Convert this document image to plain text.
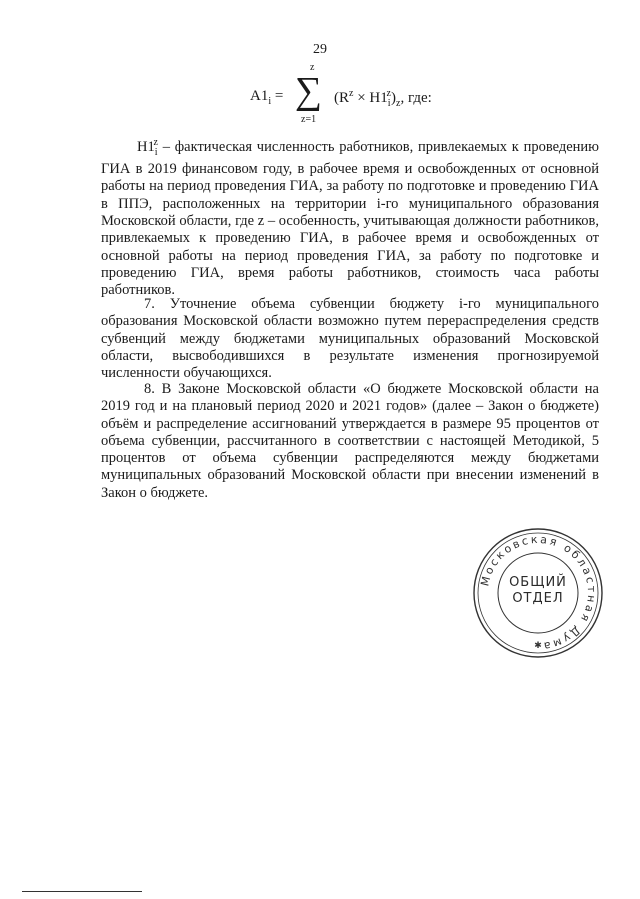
29
$A1_i$ = ∑
z
z=1
$(R^z \times H1_i^z)_z$, где:

$H1_i^z$ – фактическая численность работников, привлекаемых к проведению ГИА в 2019 финансовом году, в рабочее время и освобожденных от основной работы на период проведения ГИА, за работу по подготовке и проведению ГИА в ППЭ, расположенных на территории i-го муниципального образования Московской области, где z – особенность, учитывающая должности работников, привлекаемых к проведению ГИА, в рабочее время и освобожденных от основной работы на период проведения ГИА, за работу по подготовке и проведению ГИА, время работы работников, стоимость часа работы работников.

7. Уточнение объема субвенции бюджету i-го муниципального образования Московской области возможно путем перераспределения средств субвенций между бюджетами муниципальных образований Московской области, высвободившихся в результате изменения прогнозируемой численности обучающихся.

8. В Законе Московской области «О бюджете Московской области на 2019 год и на плановый период 2020 и 2021 годов» (далее – Закон о бюджете) объём и распределение ассигнований утверждается в размере 95 процентов от объема субвенции, рассчитанного в соответствии с настоящей Методикой, 5 процентов от объема субвенции распределяются между бюджетами муниципальных образований Московской области при внесении изменений в Закон о бюджете.

Московская областная Дума
✱
ОБЩИЙ
ОТДЕЛ
